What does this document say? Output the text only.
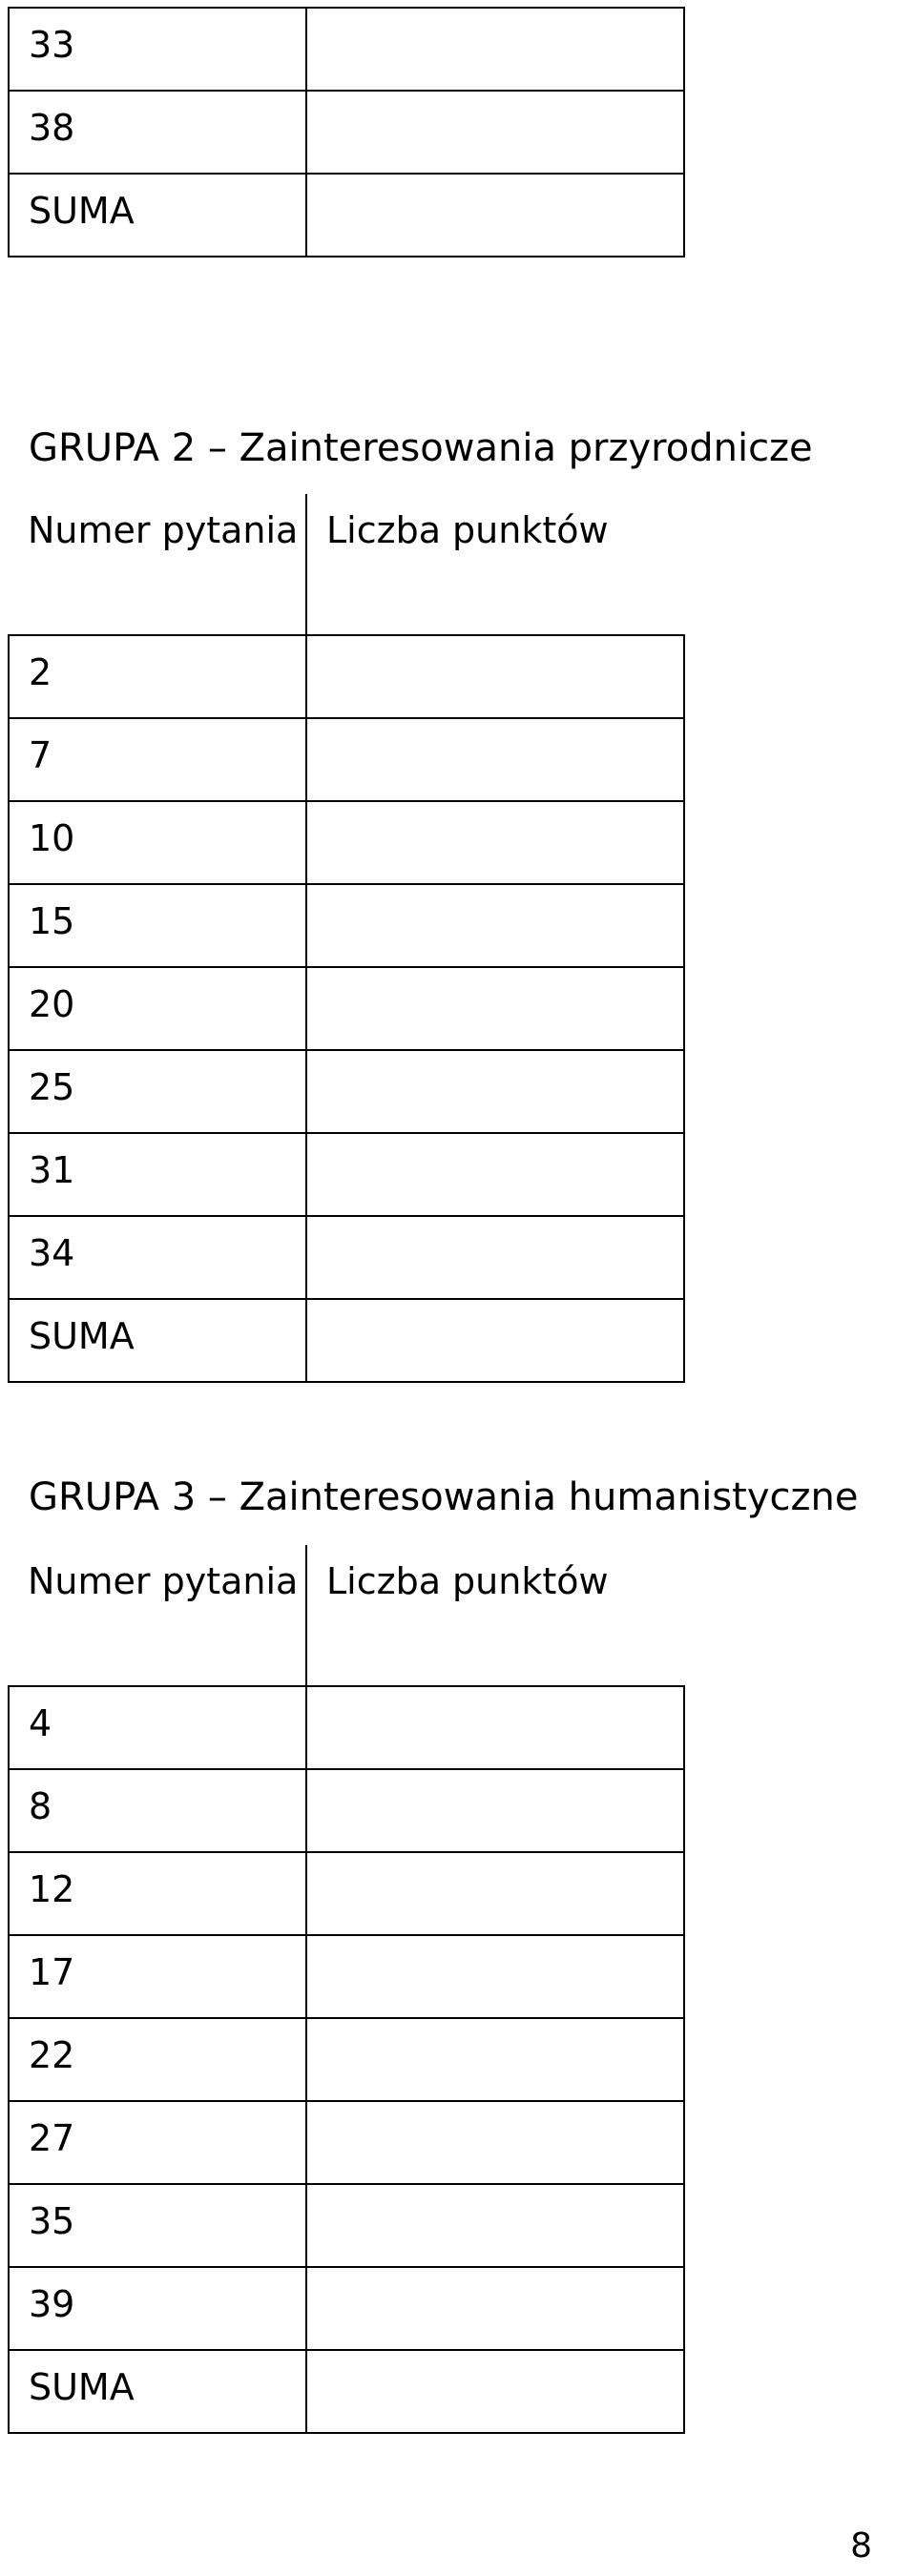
33	
38	
SUMA	
GRUPA 2 – Zainteresowania przyrodnicze
Numer pytania	Liczba punktów
2	
7	
10	
15	
20	
25	
31	
34	
SUMA	
GRUPA 3 – Zainteresowania humanistyczne
Numer pytania	Liczba punktów
4	
8	
12	
17	
22	
27	
35	
39	
SUMA	
8
